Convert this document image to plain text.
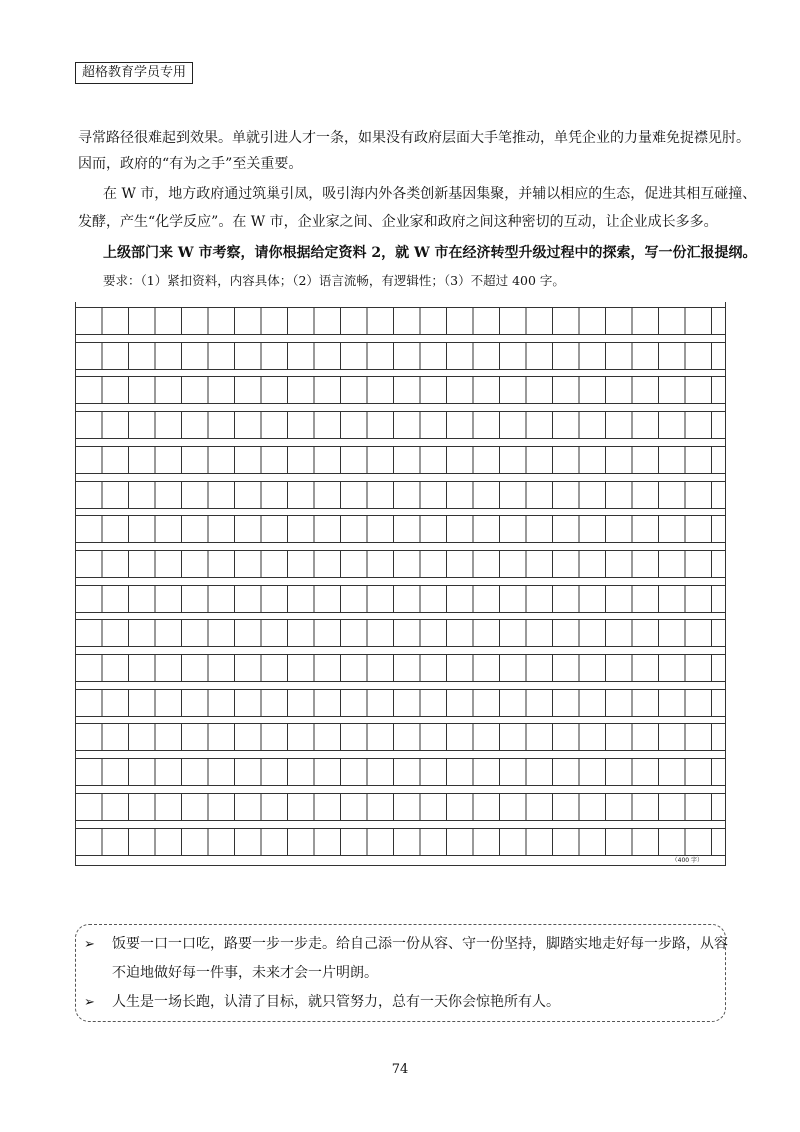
超格教育学员专用

寻常路径很难起到效果。单就引进人才一条，如果没有政府层面大手笔推动，单凭企业的力量难免捉襟见肘。

因而，政府的“有为之手”至关重要。

在 W 市，地方政府通过筑巢引凤，吸引海内外各类创新基因集聚，并辅以相应的生态，促进其相互碰撞、

发酵，产生“化学反应”。在 W 市，企业家之间、企业家和政府之间这种密切的互动，让企业成长多多。

上级部门来 W 市考察，请你根据给定资料 2，就 W 市在经济转型升级过程中的探索，写一份汇报提纲。

要求：（1）紧扣资料，内容具体；（2）语言流畅，有逻辑性；（3）不超过 400 字。

（400 字）
➢ 饭要一口一口吃，路要一步一步走。给自己添一份从容、守一份坚持，脚踏实地走好每一步路，从容
不迫地做好每一件事，未来才会一片明朗。
➢ 人生是一场长跑，认清了目标，就只管努力，总有一天你会惊艳所有人。
74
